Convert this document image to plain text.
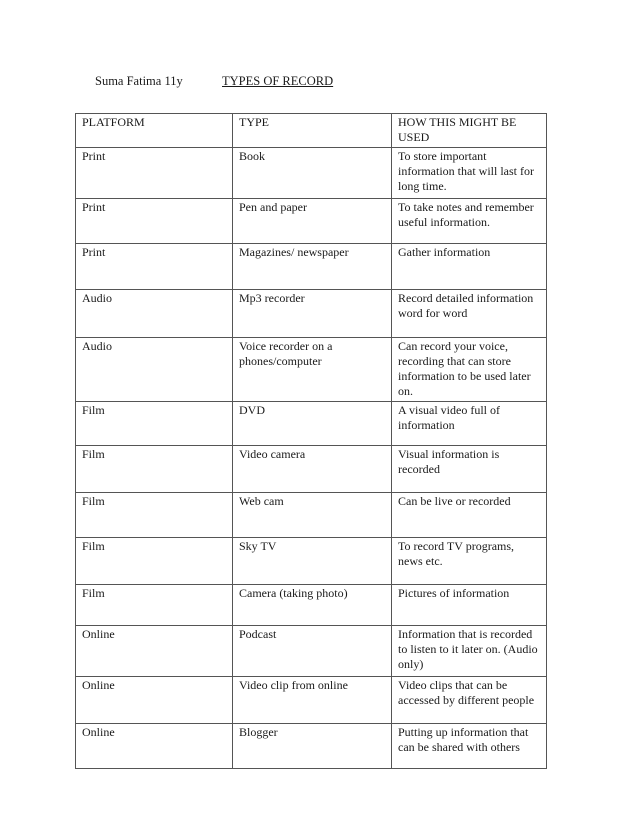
Suma Fatima 11y	TYPES OF RECORD
PLATFORM	TYPE	HOW THIS MIGHT BE USED
Print	Book	To store important information that will last for long time.
Print	Pen and paper	To take notes and remember useful information.
Print	Magazines/ newspaper	Gather information
Audio	Mp3 recorder	Record detailed information word for word
Audio	Voice recorder on a phones/computer	Can record your voice, recording that can store information to be used later on.
Film	DVD	A visual video full of information
Film	Video camera	Visual information is recorded
Film	Web cam	Can be live or recorded
Film	Sky TV	To record TV programs, news etc.
Film	Camera (taking photo)	Pictures of information
Online	Podcast	Information that is recorded to listen to it later on. (Audio only)
Online	Video clip from online	Video clips that can be accessed by different people
Online	Blogger	Putting up information that can be shared with others
